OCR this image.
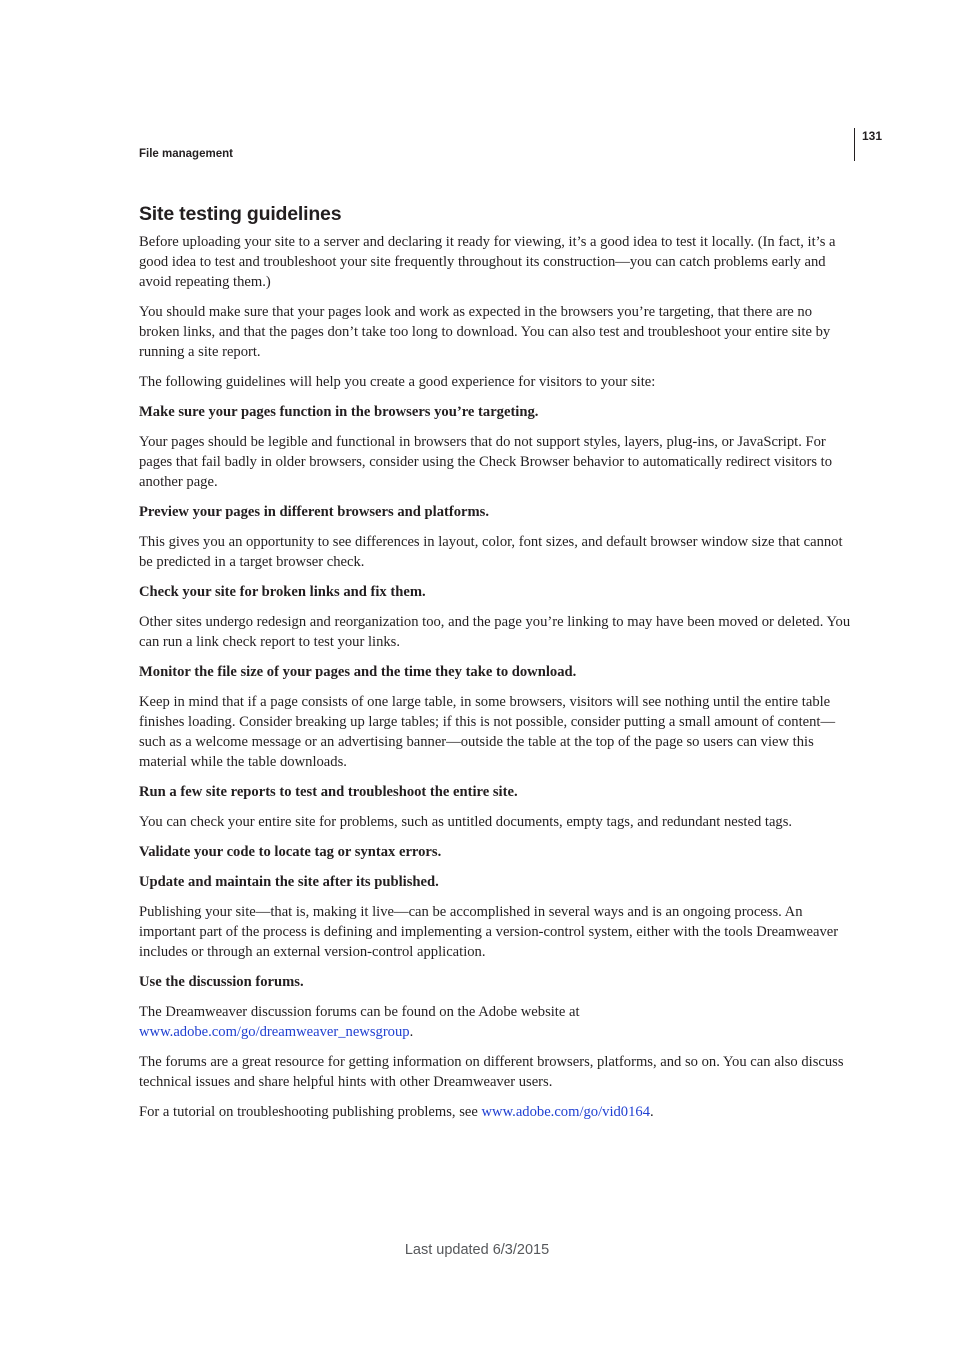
131
File management
Site testing guidelines

Before uploading your site to a server and declaring it ready for viewing, it’s a good idea to test it locally. (In fact, it’s a good idea to test and troubleshoot your site frequently throughout its construction—you can catch problems early and avoid repeating them.)

You should make sure that your pages look and work as expected in the browsers you’re targeting, that there are no broken links, and that the pages don’t take too long to download. You can also test and troubleshoot your entire site by running a site report.

The following guidelines will help you create a good experience for visitors to your site:

Make sure your pages function in the browsers you’re targeting.

Your pages should be legible and functional in browsers that do not support styles, layers, plug-ins, or JavaScript. For pages that fail badly in older browsers, consider using the Check Browser behavior to automatically redirect visitors to another page.

Preview your pages in different browsers and platforms.

This gives you an opportunity to see differences in layout, color, font sizes, and default browser window size that cannot be predicted in a target browser check.

Check your site for broken links and fix them.

Other sites undergo redesign and reorganization too, and the page you’re linking to may have been moved or deleted. You can run a link check report to test your links.

Monitor the file size of your pages and the time they take to download.

Keep in mind that if a page consists of one large table, in some browsers, visitors will see nothing until the entire table finishes loading. Consider breaking up large tables; if this is not possible, consider putting a small amount of content—such as a welcome message or an advertising banner—outside the table at the top of the page so users can view this material while the table downloads.

Run a few site reports to test and troubleshoot the entire site.

You can check your entire site for problems, such as untitled documents, empty tags, and redundant nested tags.

Validate your code to locate tag or syntax errors.

Update and maintain the site after its published.

Publishing your site—that is, making it live—can be accomplished in several ways and is an ongoing process. An important part of the process is defining and implementing a version-control system, either with the tools Dreamweaver includes or through an external version-control application.

Use the discussion forums.

The Dreamweaver discussion forums can be found on the Adobe website at www.adobe.com/go/dreamweaver_newsgroup.

The forums are a great resource for getting information on different browsers, platforms, and so on. You can also discuss technical issues and share helpful hints with other Dreamweaver users.

For a tutorial on troubleshooting publishing problems, see www.adobe.com/go/vid0164.

Last updated 6/3/2015
